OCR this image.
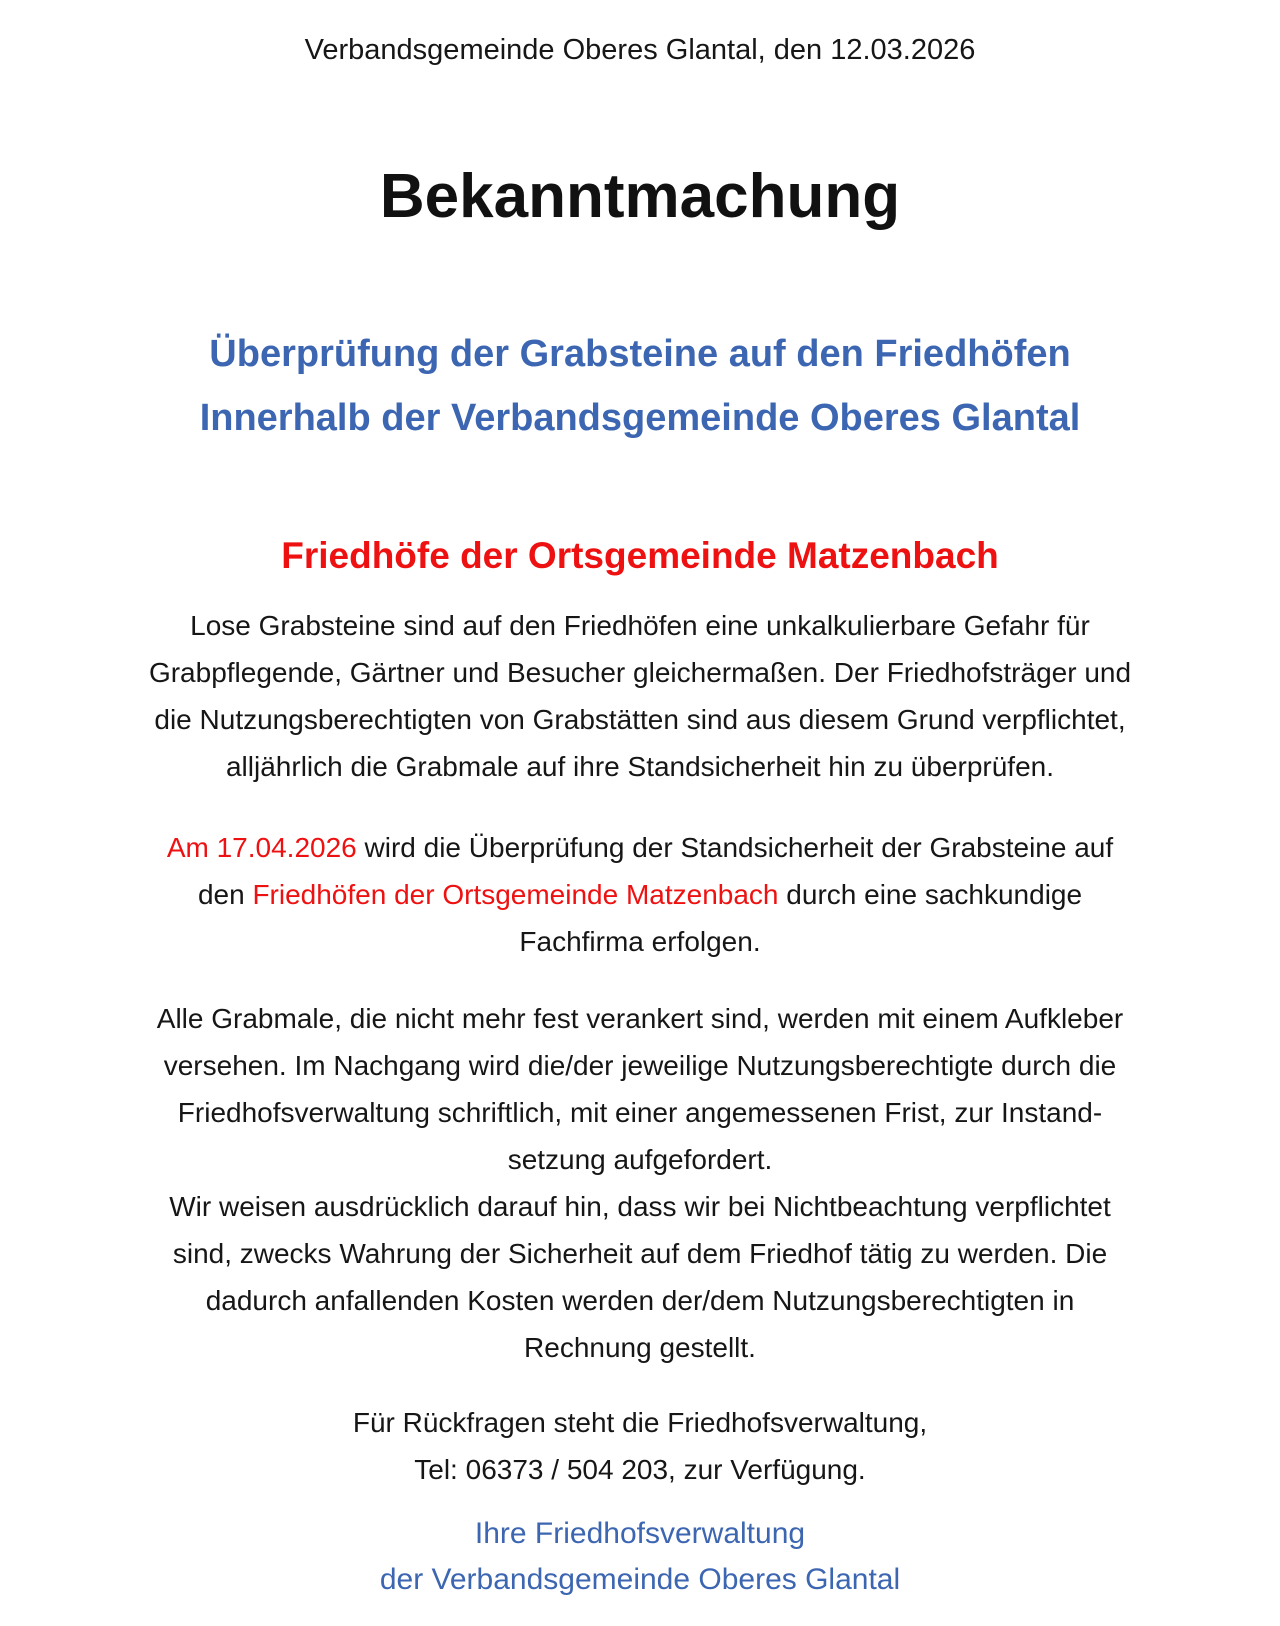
Verbandsgemeinde Oberes Glantal, den 12.03.2026
Bekanntmachung
Überprüfung der Grabsteine auf den Friedhöfen
Innerhalb der Verbandsgemeinde Oberes Glantal
Friedhöfe der Ortsgemeinde Matzenbach
Lose Grabsteine sind auf den Friedhöfen eine unkalkulierbare Gefahr für
Grabpflegende, Gärtner und Besucher gleichermaßen. Der Friedhofsträger und
die Nutzungsberechtigten von Grabstätten sind aus diesem Grund verpflichtet,
alljährlich die Grabmale auf ihre Standsicherheit hin zu überprüfen.
Am 17.04.2026 wird die Überprüfung der Standsicherheit der Grabsteine auf
den Friedhöfen der Ortsgemeinde Matzenbach durch eine sachkundige
Fachfirma erfolgen.
Alle Grabmale, die nicht mehr fest verankert sind, werden mit einem Aufkleber
versehen. Im Nachgang wird die/der jeweilige Nutzungsberechtigte durch die
Friedhofsverwaltung schriftlich, mit einer angemessenen Frist, zur Instand-
setzung aufgefordert.
Wir weisen ausdrücklich darauf hin, dass wir bei Nichtbeachtung verpflichtet
sind, zwecks Wahrung der Sicherheit auf dem Friedhof tätig zu werden. Die
dadurch anfallenden Kosten werden der/dem Nutzungsberechtigten in
Rechnung gestellt.
Für Rückfragen steht die Friedhofsverwaltung,
Tel: 06373 / 504 203, zur Verfügung.
Ihre Friedhofsverwaltung
der Verbandsgemeinde Oberes Glantal
